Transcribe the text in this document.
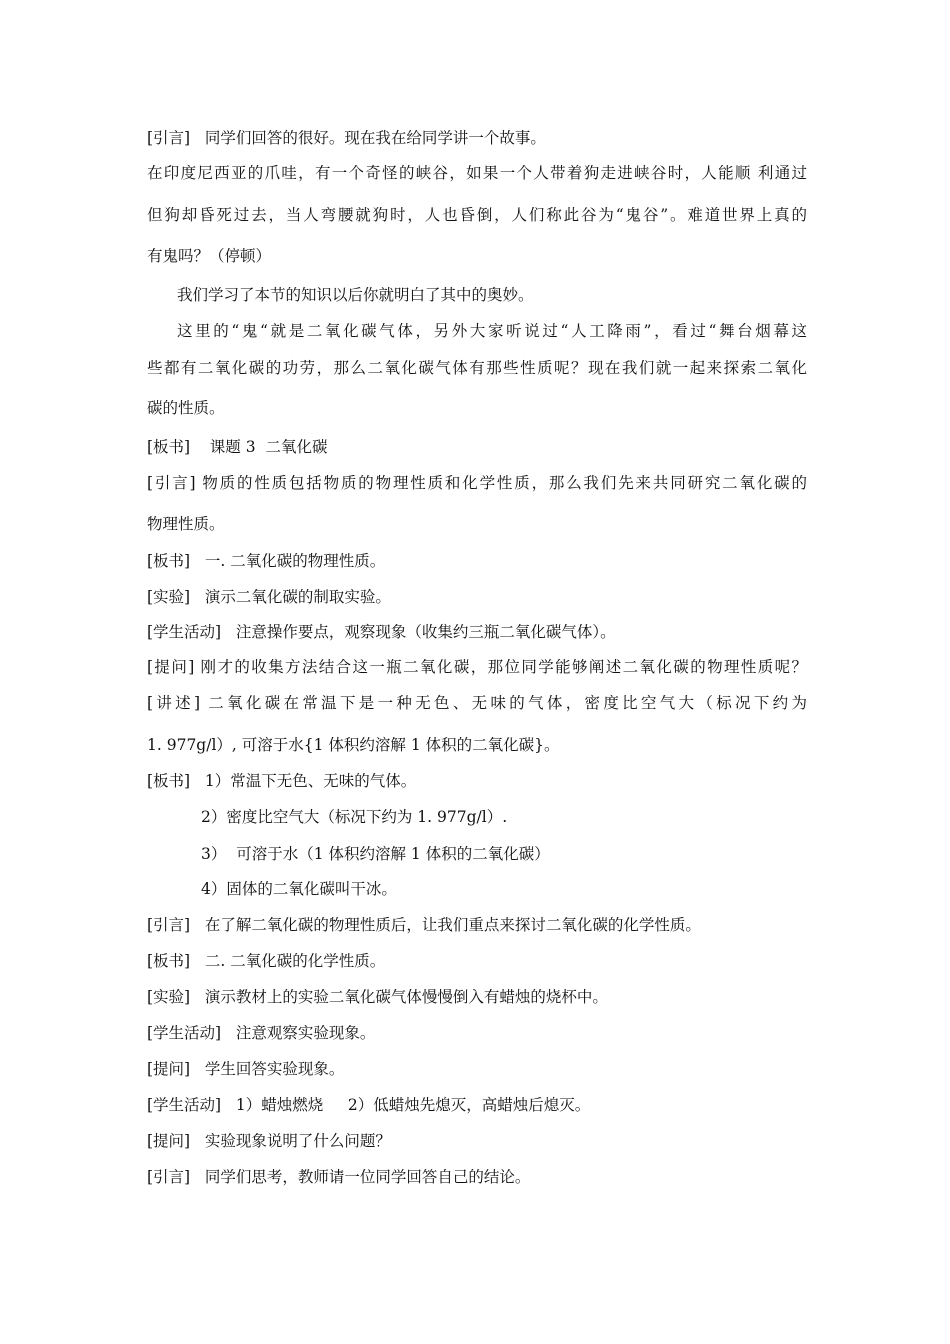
[引言]   同学们回答的很好。现在我在给同学讲一个故事。
在印度尼西亚的爪哇，有一个奇怪的峡谷，如果一个人带着狗走进峡谷时，人能顺 利通过
但狗却昏死过去，当人弯腰就狗时，人也昏倒，人们称此谷为“鬼谷”。难道世界上真的
有鬼吗？（停顿）
我们学习了本节的知识以后你就明白了其中的奥妙。
这里的“鬼“就是二氧化碳气体，另外大家听说过“人工降雨”，看过“舞台烟幕这
些都有二氧化碳的功劳，那么二氧化碳气体有那些性质呢？现在我们就一起来探索二氧化
碳的性质。
[板书]    课题 3  二氧化碳
[引言] 物质的性质包括物质的物理性质和化学性质，那么我们先来共同研究二氧化碳的
物理性质。
[板书]   一. 二氧化碳的物理性质。
[实验]   演示二氧化碳的制取实验。
[学生活动]   注意操作要点，观察现象（收集约三瓶二氧化碳气体）。
[提问] 刚才的收集方法结合这一瓶二氧化碳，那位同学能够阐述二氧化碳的物理性质呢？
[讲述] 二氧化碳在常温下是一种无色、无味的气体，密度比空气大（标况下约为
1. 977g/l）, 可溶于水{1 体积约溶解 1 体积的二氧化碳}。
[板书]   1）常温下无色、无味的气体。
2）密度比空气大（标况下约为 1. 977g/l）.
3）  可溶于水（1 体积约溶解 1 体积的二氧化碳）
4）固体的二氧化碳叫干冰。
[引言]   在了解二氧化碳的物理性质后，让我们重点来探讨二氧化碳的化学性质。
[板书]   二. 二氧化碳的化学性质。
[实验]   演示教材上的实验二氧化碳气体慢慢倒入有蜡烛的烧杯中。
[学生活动]   注意观察实验现象。
[提问]   学生回答实验现象。
[学生活动]   1）蜡烛燃烧     2）低蜡烛先熄灭，高蜡烛后熄灭。
[提问]   实验现象说明了什么问题？
[引言]   同学们思考，教师请一位同学回答自己的结论。
